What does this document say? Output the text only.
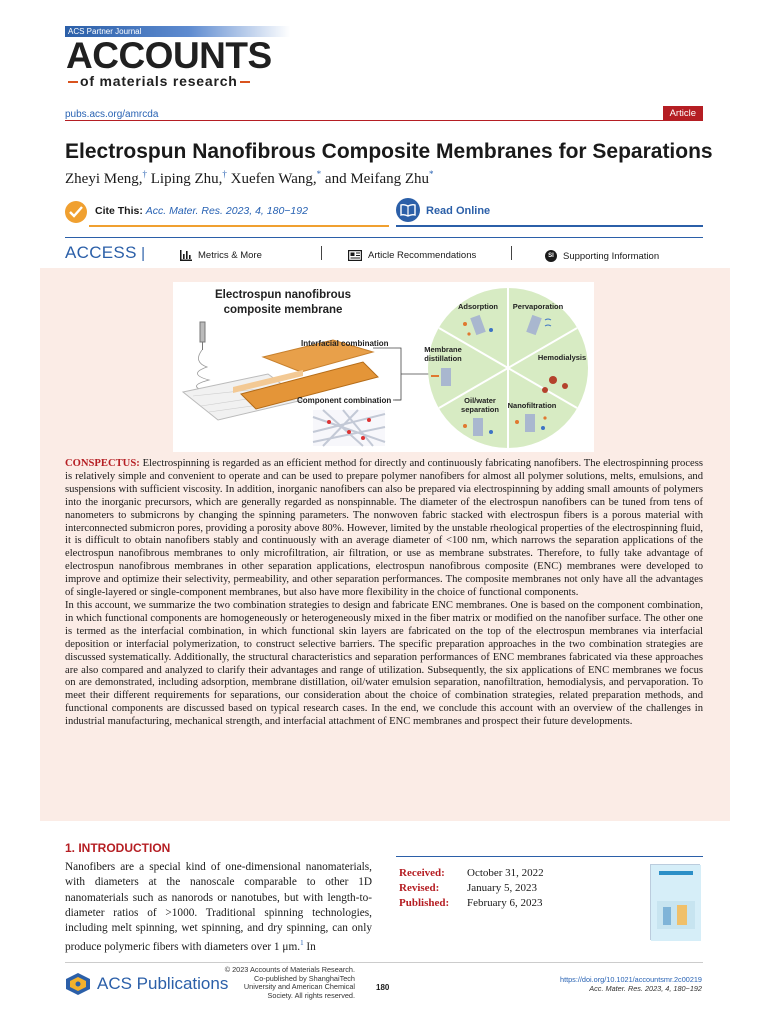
ACS Partner Journal
ACCOUNTS
of materials research
pubs.acs.org/amrcda	Article
Electrospun Nanofibrous Composite Membranes for Separations
Zheyi Meng,† Liping Zhu,† Xuefen Wang,* and Meifang Zhu*
Cite This: Acc. Mater. Res. 2023, 4, 180−192	Read Online
ACCESS |	Metrics & More	Article Recommendations	SI Supporting Information
Electrospun nanofibrous
composite membrane
Interfacial combination
Component combination
Adsorption Pervaporation
Membrane
distillation	Hemodialysis
Oil/water
separation Nanofiltration

CONSPECTUS: Electrospinning is regarded as an efficient method for directly and continuously fabricating nanofibers. The electrospinning process is relatively simple and convenient to operate and can be used to prepare polymer nanofibers for almost all polymer solutions, melts, emulsions, and suspensions with sufficient viscosity. In addition, inorganic nanofibers can also be prepared via electrospinning by adding small amounts of polymers into the inorganic precursors, which are generally regarded as nonspinnable. The diameter of the electrospun nanofibers can be tuned from tens of nanometers to submicrons by changing the spinning parameters. The nonwoven fabric stacked with electrospun fibers is a porous material with interconnected submicron pores, providing a porosity above 80%. However, limited by the unstable rheological properties of the electrospinning fluid, it is difficult to obtain nanofibers stably and continuously with an average diameter of <100 nm, which narrows the separation applications of the electrospun nanofibrous membranes to only microfiltration, air filtration, or use as membrane substrates. Therefore, to fully take advantage of electrospun nanofibrous membranes in other separation applications, electrospun nanofibrous composite (ENC) membranes were developed to improve and optimize their selectivity, permeability, and other separation performances. The composite membranes not only have all the advantages of single-layered or single-component membranes, but also have more flexibility in the choice of functional components.

In this account, we summarize the two combination strategies to design and fabricate ENC membranes. One is based on the component combination, in which functional components are homogeneously or heterogeneously mixed in the fiber matrix or modified on the nanofiber surface. The other one is termed as the interfacial combination, in which functional skin layers are fabricated on the top of the electrospun membranes via interfacial deposition or interfacial polymerization, to construct selective barriers. The specific preparation approaches in the two combination strategies are discussed systematically. Additionally, the structural characteristics and separation performances of ENC membranes fabricated via these approaches are also compared and analyzed to clarify their advantages and range of utilization. Subsequently, the six applications of ENC membranes we focus on are demonstrated, including adsorption, membrane distillation, oil/water emulsion separation, nanofiltration, hemodialysis, and pervaporation. To meet their different requirements for separations, our consideration about the choice of combination strategies, related preparation methods, and functional components are discussed based on typical research cases. In the end, we conclude this account with an overview of the challenges in industrial manufacturing, mechanical strength, and interfacial attachment of ENC membranes and prospect their future developments.

1. INTRODUCTION
Nanofibers are a special kind of one-dimensional nanomaterials, with diameters at the nanoscale comparable to other 1D nanomaterials such as nanorods or nanotubes, but with length-to-diameter ratios of >1000. Traditional spinning technologies, including melt spinning, wet spinning, and dry spinning, can only produce polymeric fibers with diameters over 1 μm.$^1$ In
Received:	October 31, 2022
Revised:	January 5, 2023
Published:	February 6, 2023
ACS Publications
© 2023 Accounts of Materials Research.
Co-published by ShanghaiTech
University and American Chemical
Society. All rights reserved.
180
https://doi.org/10.1021/accountsmr.2c00219
Acc. Mater. Res. 2023, 4, 180−192
